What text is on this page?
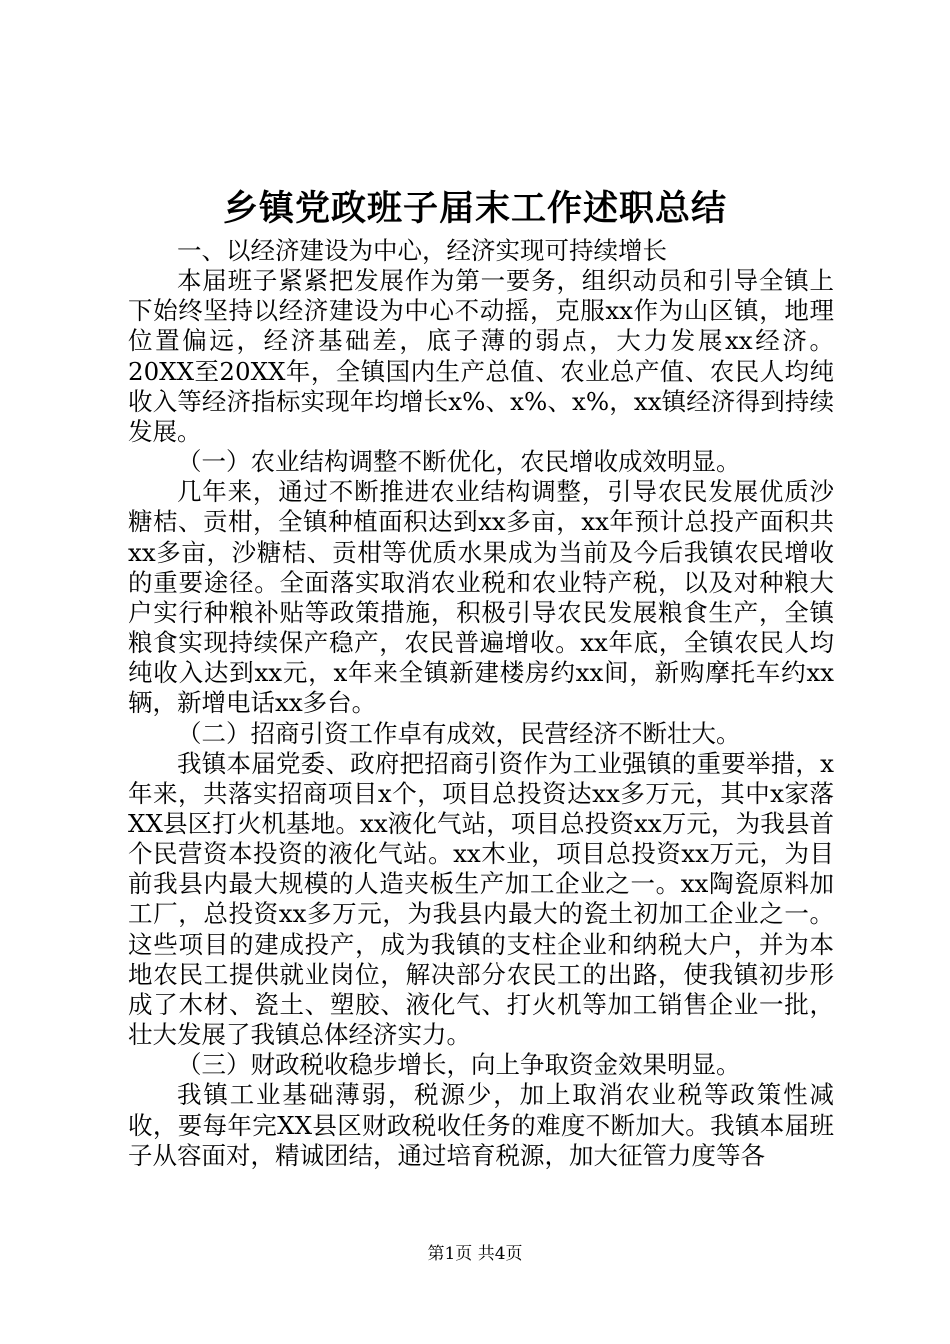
乡镇党政班子届末工作述职总结

一、以经济建设为中心，经济实现可持续增长

本届班子紧紧把发展作为第一要务，组织动员和引导全镇上下始终坚持以经济建设为中心不动摇，克服xx作为山区镇，地理位置偏远，经济基础差，底子薄的弱点，大力发展xx经济。20XX至20XX年，全镇国内生产总值、农业总产值、农民人均纯收入等经济指标实现年均增长x%、x%、x%，xx镇经济得到持续发展。

（一）农业结构调整不断优化，农民增收成效明显。

几年来，通过不断推进农业结构调整，引导农民发展优质沙糖桔、贡柑，全镇种植面积达到xx多亩，xx年预计总投产面积共xx多亩，沙糖桔、贡柑等优质水果成为当前及今后我镇农民增收的重要途径。全面落实取消农业税和农业特产税，以及对种粮大户实行种粮补贴等政策措施，积极引导农民发展粮食生产，全镇粮食实现持续保产稳产，农民普遍增收。xx年底，全镇农民人均纯收入达到xx元，x年来全镇新建楼房约xx间，新购摩托车约xx辆，新增电话xx多台。

（二）招商引资工作卓有成效，民营经济不断壮大。

我镇本届党委、政府把招商引资作为工业强镇的重要举措，x年来，共落实招商项目x个，项目总投资达xx多万元，其中x家落XX县区打火机基地。xx液化气站，项目总投资xx万元，为我县首个民营资本投资的液化气站。xx木业，项目总投资xx万元，为目前我县内最大规模的人造夹板生产加工企业之一。xx陶瓷原料加工厂，总投资xx多万元，为我县内最大的瓷土初加工企业之一。这些项目的建成投产，成为我镇的支柱企业和纳税大户，并为本地农民工提供就业岗位，解决部分农民工的出路，使我镇初步形成了木材、瓷土、塑胶、液化气、打火机等加工销售企业一批，壮大发展了我镇总体经济实力。

（三）财政税收稳步增长，向上争取资金效果明显。

我镇工业基础薄弱，税源少，加上取消农业税等政策性减收，要每年完XX县区财政税收任务的难度不断加大。我镇本届班子从容面对，精诚团结，通过培育税源，加大征管力度等各

第1页 共4页
